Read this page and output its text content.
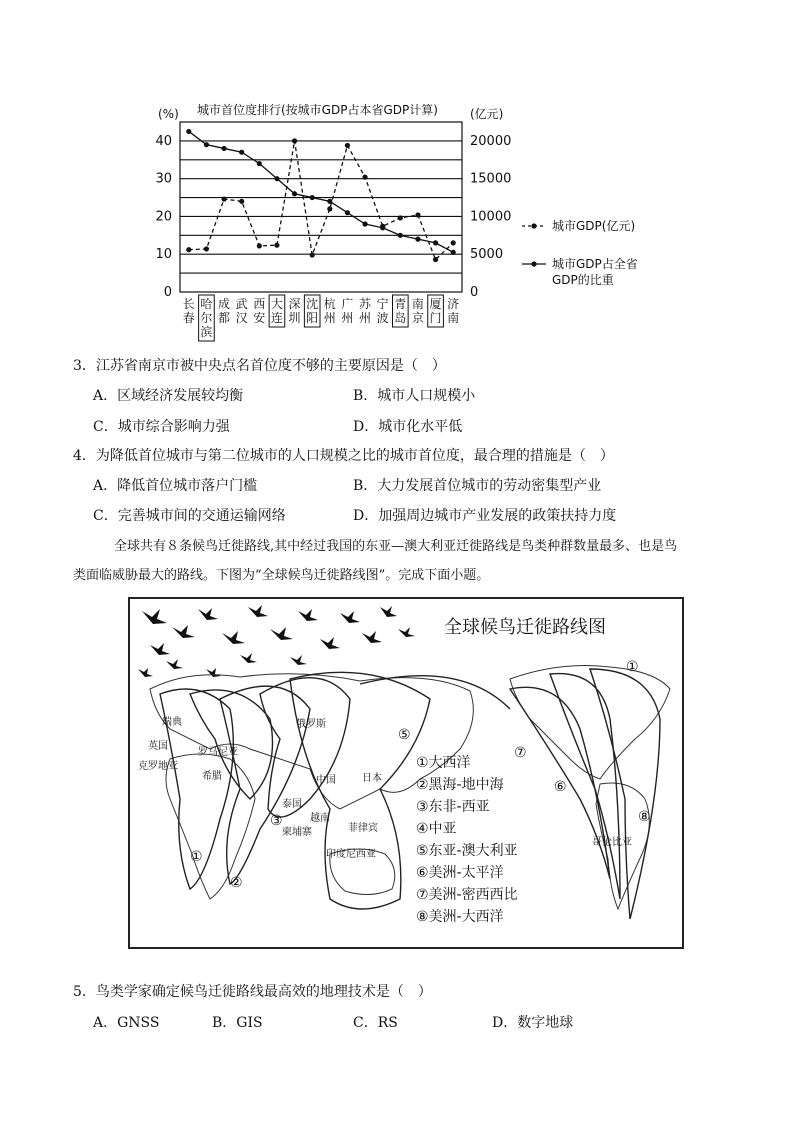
城市首位度排行(按城市GDP占本省GDP计算)
(%)	(亿元)
0
10
20
30
40
0
5000
10000
15000
20000
长春
哈尔滨
成都
武汉
西安
大连
深圳
沈阳
杭州
广州
苏州
宁波
青岛
南京
厦门
济南
城市GDP(亿元)
城市GDP占全省
GDP的比重
3．江苏省南京市被中央点名首位度不够的主要原因是（　）
A．区域经济发展较均衡	B．城市人口规模小
C．城市综合影响力强	D．城市化水平低
4．为降低首位城市与第二位城市的人口规模之比的城市首位度，最合理的措施是（　）
A．降低首位城市落户门槛	B．大力发展首位城市的劳动密集型产业
C．完善城市间的交通运输网络	D．加强周边城市产业发展的政策扶持力度
全球共有８条候鸟迁徙路线,其中经过我国的东亚—澳大利亚迁徙路线是鸟类种群数量最多、也是鸟
类面临威胁最大的路线。下图为“全球候鸟迁徙路线图”。完成下面小题。
全球候鸟迁徙路线图
①
②
③
⑤
⑥
⑦
⑧
①
瑞典
英国
罗马尼亚
克罗地亚
希腊
俄罗斯
中国	日本
泰国
越南
柬埔寨	菲律宾
印度尼西亚
哥伦比亚
①大西洋
②黑海-地中海
③东非-西亚
④中亚
⑤东亚-澳大利亚
⑥美洲-太平洋
⑦美洲-密西西比
⑧美洲-大西洋
5．鸟类学家确定候鸟迁徙路线最高效的地理技术是（　）
A．GNSS	B．GIS	C．RS	D．数字地球
